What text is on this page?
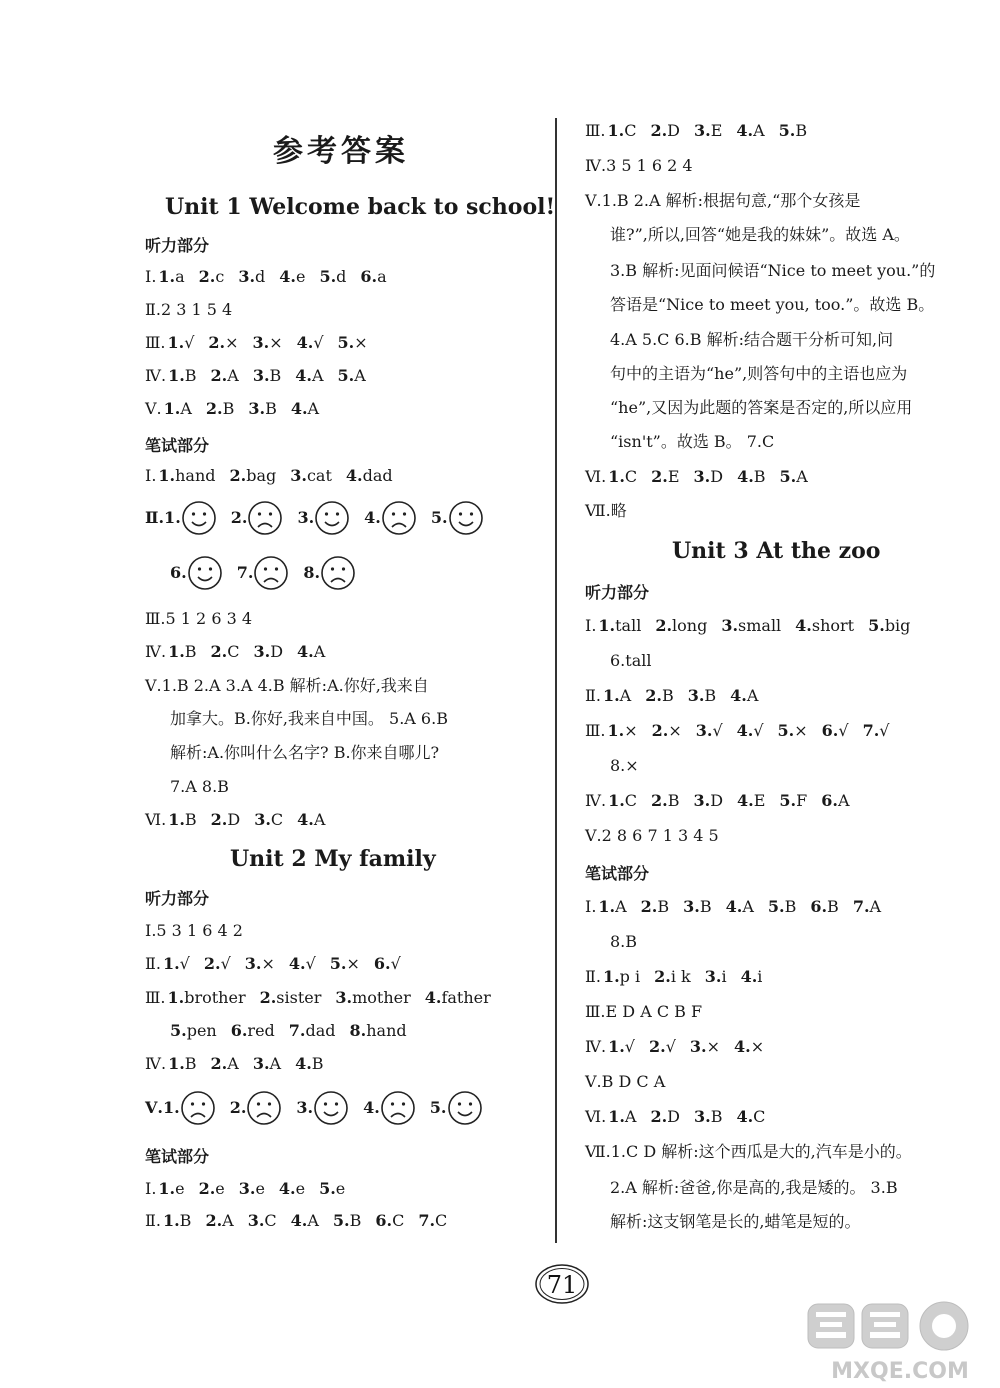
参考答案
Unit 1 Welcome back to school!
听力部分
Ⅰ. 1.a 2.c 3.d 4.e 5.d 6.a
Ⅱ.2 3 1 5 4
Ⅲ. 1.√ 2.× 3.× 4.√ 5.×
Ⅳ. 1.B 2.A 3.B 4.A 5.A
Ⅴ. 1.A 2.B 3.B 4.A
笔试部分
Ⅰ. 1.hand 2.bag 3.cat 4.dad
Ⅱ.1.	2.	3.	4.	5.
6.	7.	8.
Ⅲ.5 1 2 6 3 4
Ⅳ. 1.B 2.C 3.D 4.A
Ⅴ.1.B 2.A 3.A 4.B 解析:A.你好,我来自
加拿大。B.你好,我来自中国。 5.A 6.B
解析:A.你叫什么名字? B.你来自哪儿?
7.A 8.B
Ⅵ. 1.B 2.D 3.C 4.A
Unit 2 My family
听力部分
Ⅰ.5 3 1 6 4 2
Ⅱ. 1.√ 2.√ 3.× 4.√ 5.× 6.√
Ⅲ. 1.brother 2.sister 3.mother 4.father
5.pen 6.red 7.dad 8.hand
Ⅳ. 1.B 2.A 3.A 4.B
Ⅴ.1.	2.	3.	4.	5.
笔试部分
Ⅰ. 1.e 2.e 3.e 4.e 5.e
Ⅱ. 1.B 2.A 3.C 4.A 5.B 6.C 7.C
Ⅲ. 1.C 2.D 3.E 4.A 5.B
Ⅳ.3 5 1 6 2 4
Ⅴ.1.B 2.A 解析:根据句意,“那个女孩是
谁?”,所以,回答“她是我的妹妹”。故选 A。
3.B 解析:见面问候语“Nice to meet you.”的
答语是“Nice to meet you, too.”。故选 B。
4.A 5.C 6.B 解析:结合题干分析可知,问
句中的主语为“he”,则答句中的主语也应为
“he”,又因为此题的答案是否定的,所以应用
“isn't”。故选 B。 7.C
Ⅵ. 1.C 2.E 3.D 4.B 5.A
Ⅶ.略
Unit 3 At the zoo
听力部分
Ⅰ. 1.tall 2.long 3.small 4.short 5.big
6.tall
Ⅱ. 1.A 2.B 3.B 4.A
Ⅲ. 1.× 2.× 3.√ 4.√ 5.× 6.√ 7.√
8.×
Ⅳ. 1.C 2.B 3.D 4.E 5.F 6.A
Ⅴ.2 8 6 7 1 3 4 5
笔试部分
Ⅰ. 1.A 2.B 3.B 4.A 5.B 6.B 7.A
8.B
Ⅱ. 1.p i 2.i k 3.i 4.i
Ⅲ.E D A C B F
Ⅳ. 1.√ 2.√ 3.× 4.×
Ⅴ.B D C A
Ⅵ. 1.A 2.D 3.B 4.C
Ⅶ.1.C D 解析:这个西瓜是大的,汽车是小的。
2.A 解析:爸爸,你是高的,我是矮的。 3.B
解析:这支钢笔是长的,蜡笔是短的。
71
MXQE.COM
